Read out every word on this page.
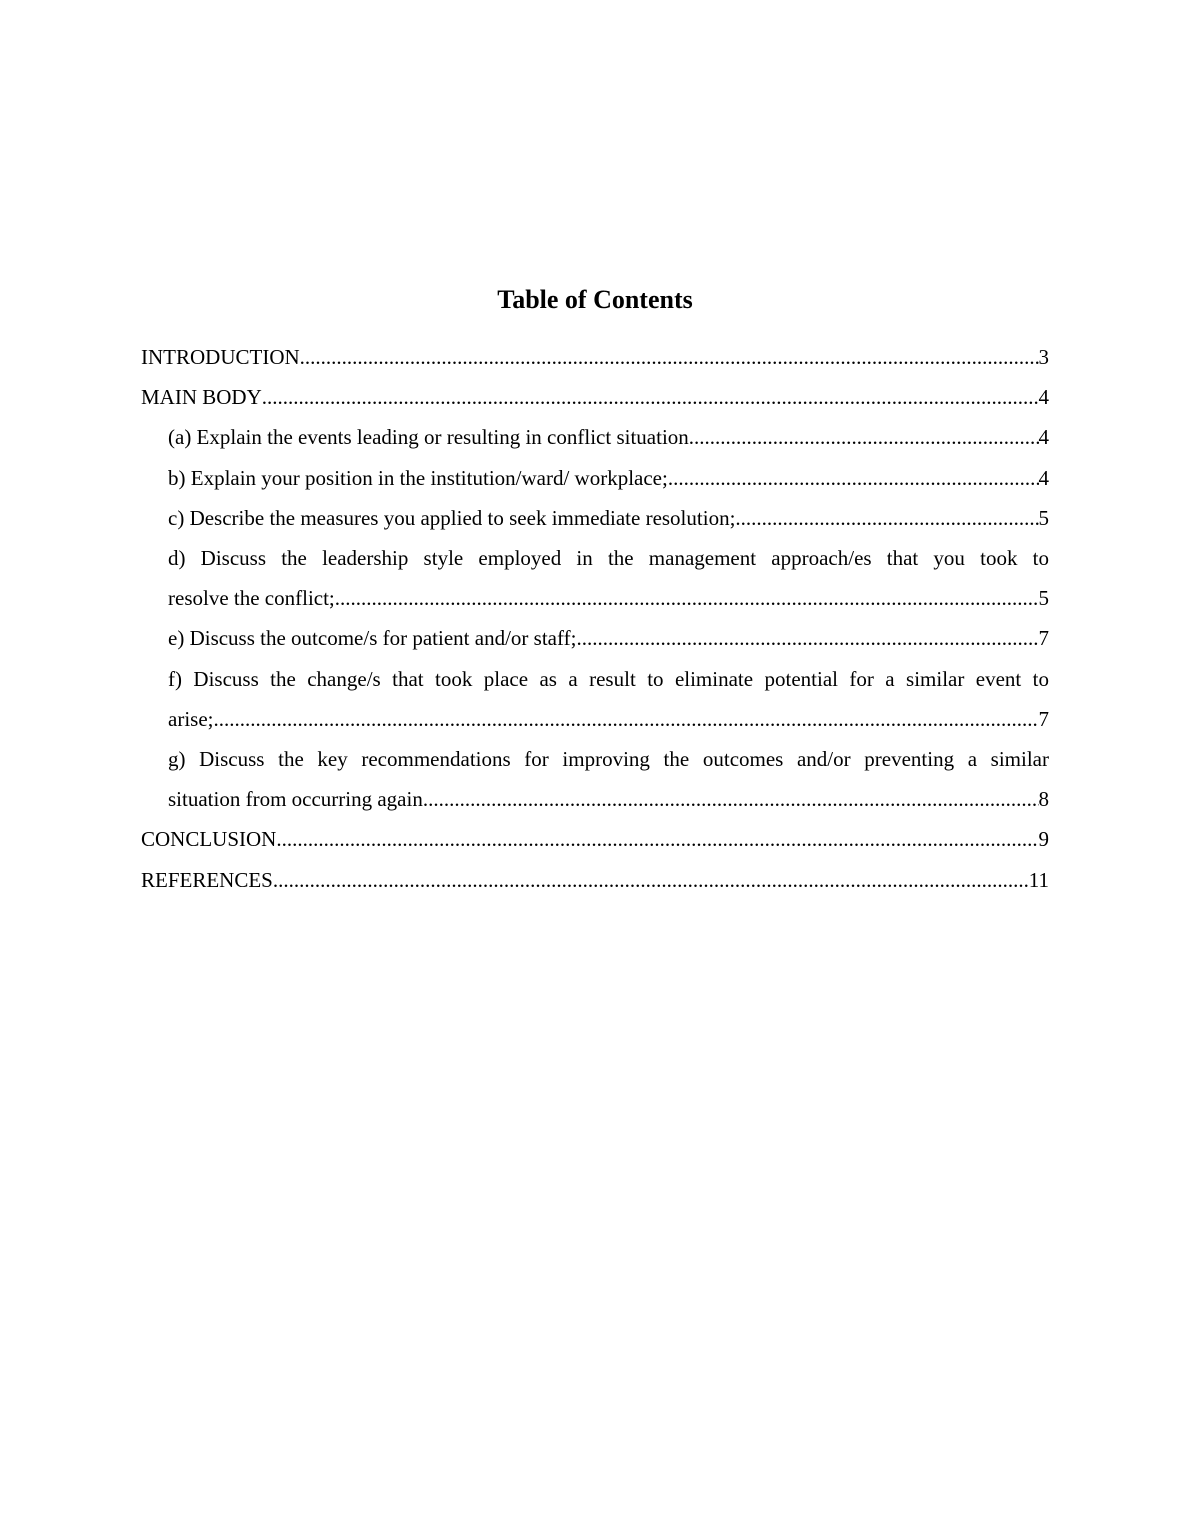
Table of Contents
INTRODUCTION .....	3
MAIN BODY .....	4
(a) Explain the events leading or resulting in conflict situation. .....	4
b) Explain your position in the institution/ward/ workplace; .....	4
c) Describe the measures you applied to seek immediate resolution; .....	5
d) Discuss the leadership style employed in the management approach/es that you took to
resolve the conflict; .....	5
e) Discuss the outcome/s for patient and/or staff; .....	7
f) Discuss the change/s that took place as a result to eliminate potential for a similar event to
arise; .....	7
g) Discuss the key recommendations for improving the outcomes and/or preventing a similar
situation from occurring again. .....	8
CONCLUSION .....	9
REFERENCES .....	11
